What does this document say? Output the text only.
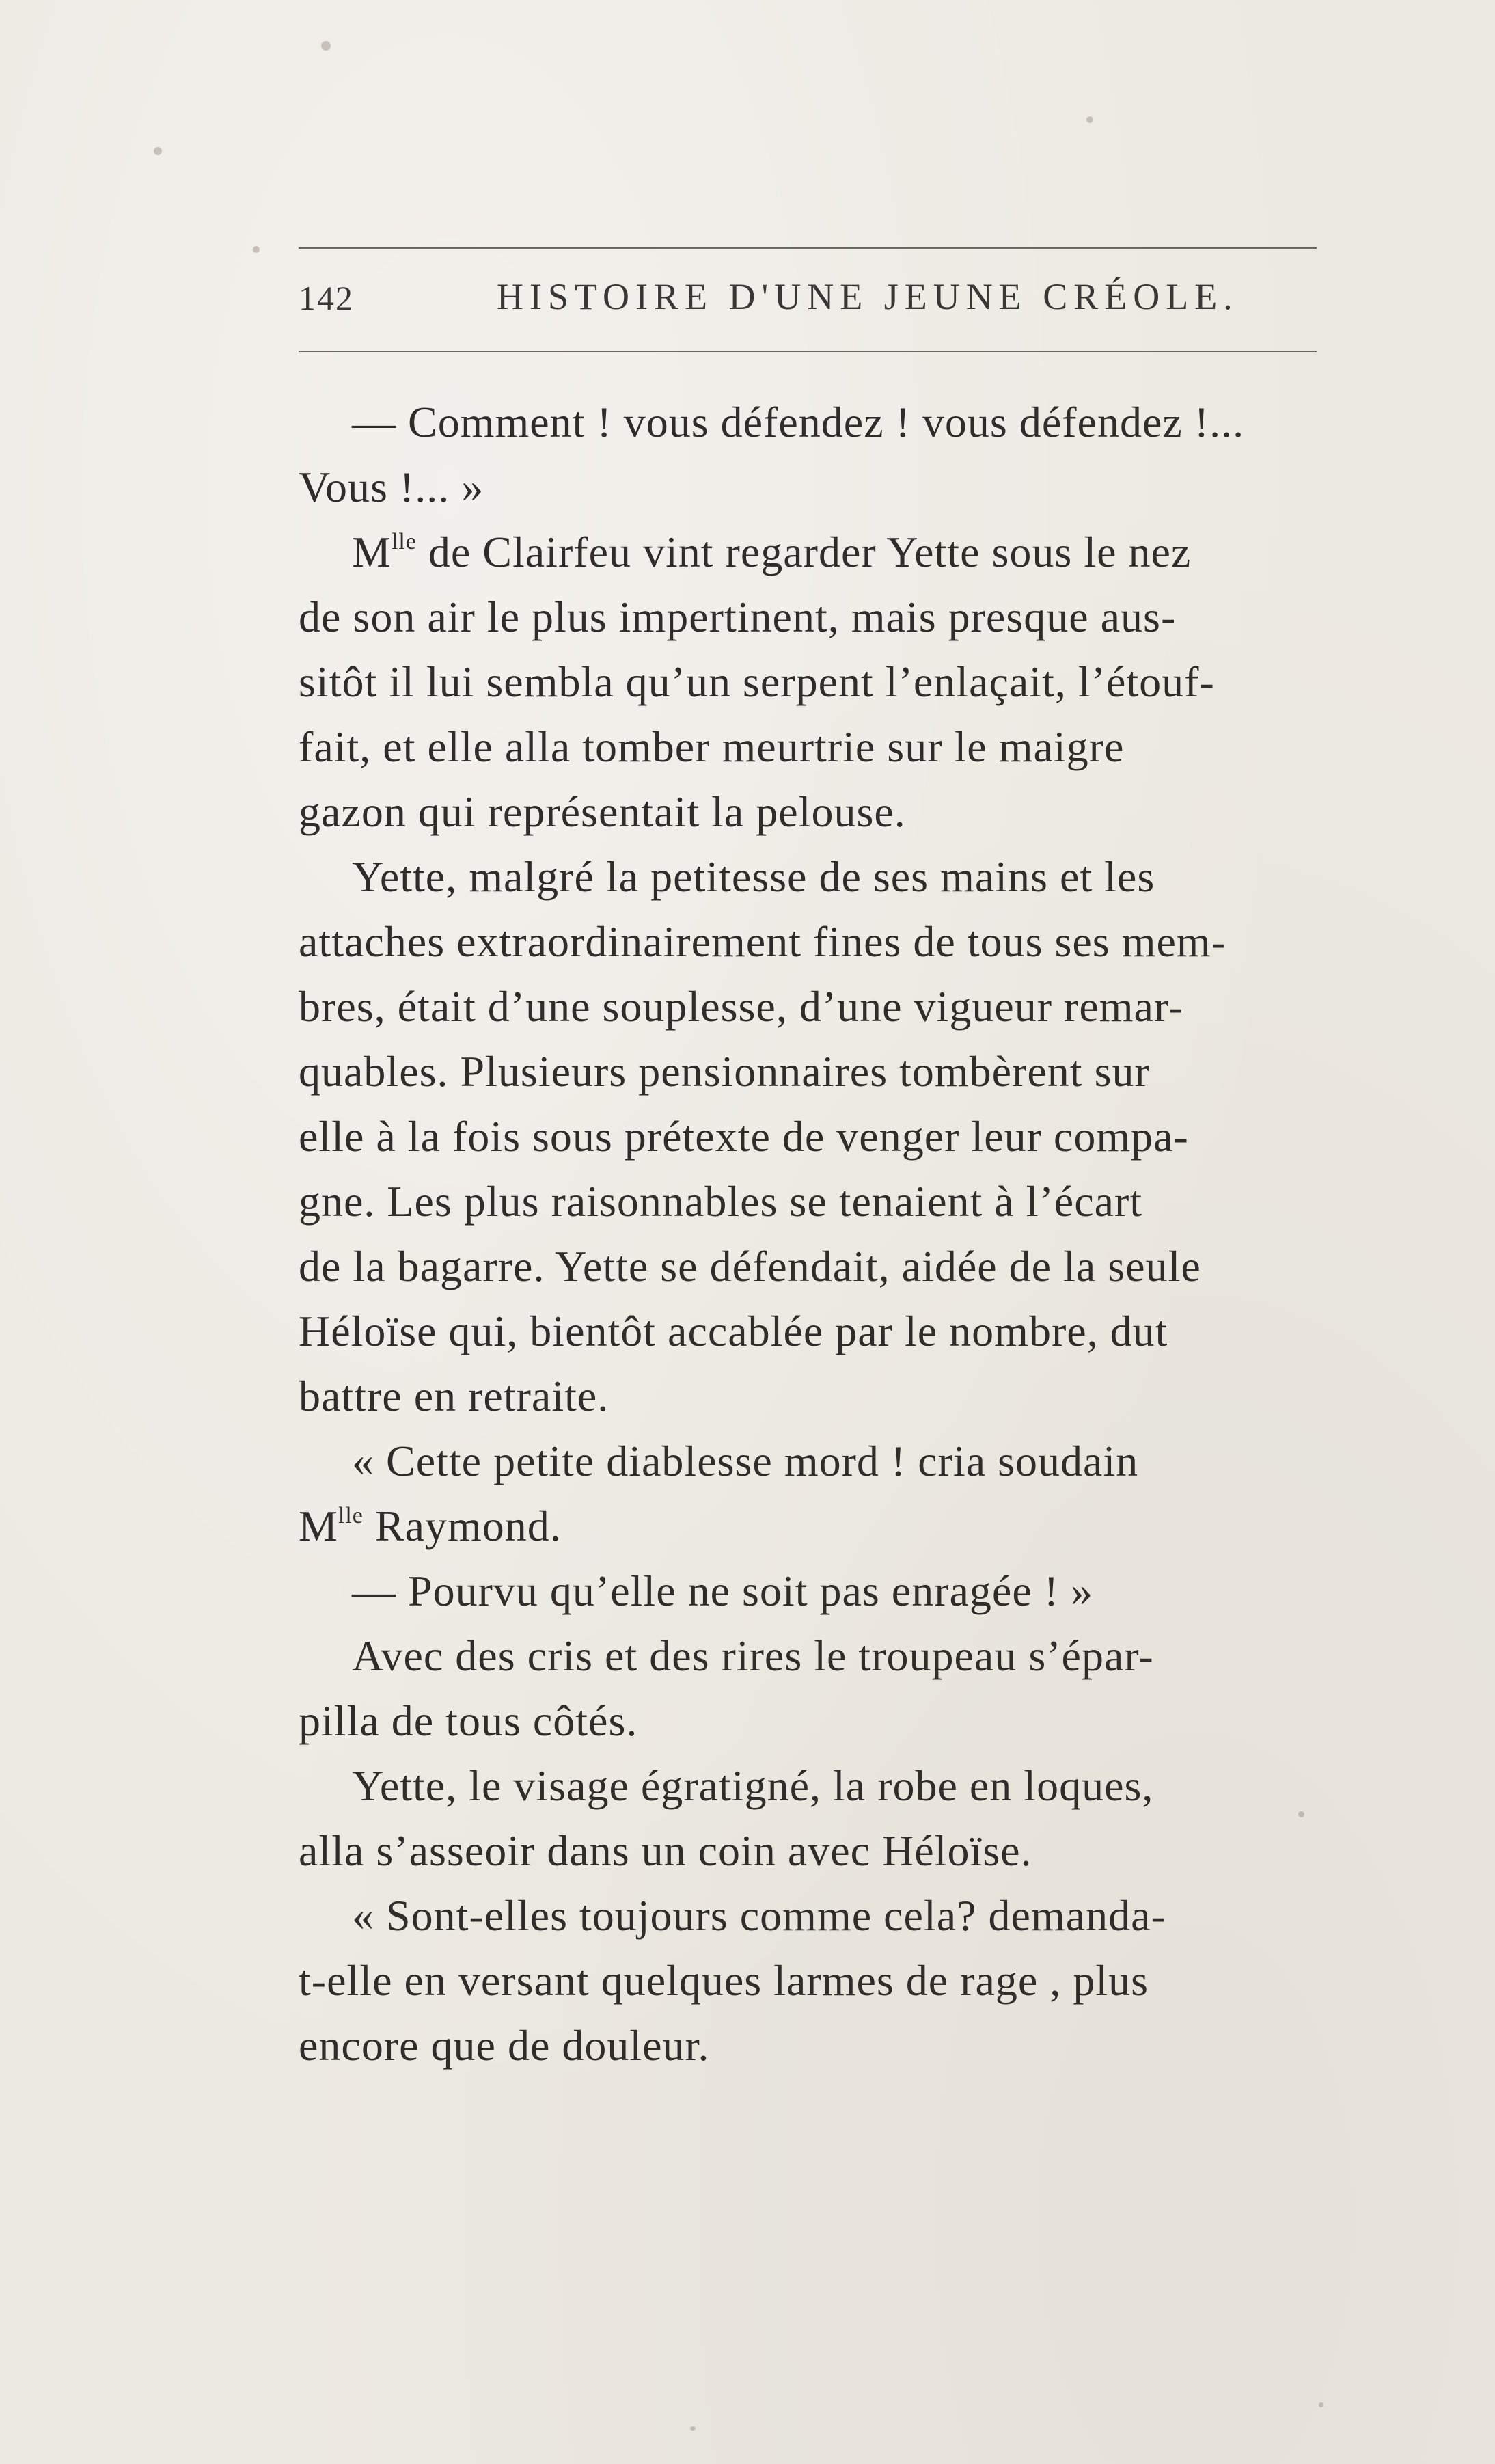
142	HISTOIRE D'UNE JEUNE CRÉOLE.
— Comment ! vous défendez ! vous défendez !...
Vous !... »
$M^{lle}$ de Clairfeu vint regarder Yette sous le nez
de son air le plus impertinent, mais presque aus-
sitôt il lui sembla qu’un serpent l’enlaçait, l’étouf-
fait, et elle alla tomber meurtrie sur le maigre
gazon qui représentait la pelouse.
Yette, malgré la petitesse de ses mains et les
attaches extraordinairement fines de tous ses mem-
bres, était d’une souplesse, d’une vigueur remar-
quables. Plusieurs pensionnaires tombèrent sur
elle à la fois sous prétexte de venger leur compa-
gne. Les plus raisonnables se tenaient à l’écart
de la bagarre. Yette se défendait, aidée de la seule
Héloïse qui, bientôt accablée par le nombre, dut
battre en retraite.
« Cette petite diablesse mord ! cria soudain
$M^{lle}$ Raymond.
— Pourvu qu’elle ne soit pas enragée ! »
Avec des cris et des rires le troupeau s’épar-
pilla de tous côtés.
Yette, le visage égratigné, la robe en loques,
alla s’asseoir dans un coin avec Héloïse.
« Sont-elles toujours comme cela? demanda-
t-elle en versant quelques larmes de rage , plus
encore que de douleur.
